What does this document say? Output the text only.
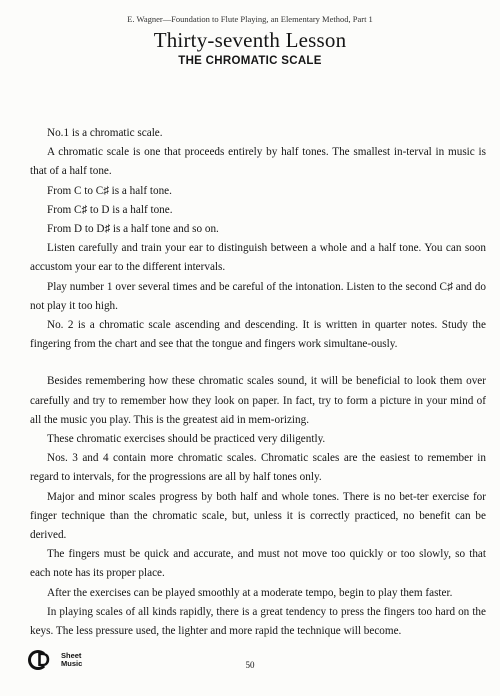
E. Wagner—Foundation to Flute Playing, an Elementary Method, Part 1
Thirty-seventh Lesson
THE CHROMATIC SCALE

No.1 is a chromatic scale.

A chromatic scale is one that proceeds entirely by half tones. The smallest in-terval in music is that of a half tone.

From C to C♯ is a half tone.

From C♯ to D is a half tone.

From D to D♯ is a half tone and so on.

Listen carefully and train your ear to distinguish between a whole and a half tone. You can soon accustom your ear to the different intervals.

Play number 1 over several times and be careful of the intonation. Listen to the second C♯ and do not play it too high.

No. 2 is a chromatic scale ascending and descending. It is written in quarter notes. Study the fingering from the chart and see that the tongue and fingers work simultane-ously.

Besides remembering how these chromatic scales sound, it will be beneficial to look them over carefully and try to remember how they look on paper. In fact, try to form a picture in your mind of all the music you play. This is the greatest aid in mem-orizing.

These chromatic exercises should be practiced very diligently.

Nos. 3 and 4 contain more chromatic scales. Chromatic scales are the easiest to remember in regard to intervals, for the progressions are all by half tones only.

Major and minor scales progress by both half and whole tones. There is no bet-ter exercise for finger technique than the chromatic scale, but, unless it is correctly practiced, no benefit can be derived.

The fingers must be quick and accurate, and must not move too quickly or too slowly, so that each note has its proper place.

After the exercises can be played smoothly at a moderate tempo, begin to play them faster.

In playing scales of all kinds rapidly, there is a great tendency to press the fingers too hard on the keys. The less pressure used, the lighter and more rapid the technique will become.

D Sheet
Music	50
